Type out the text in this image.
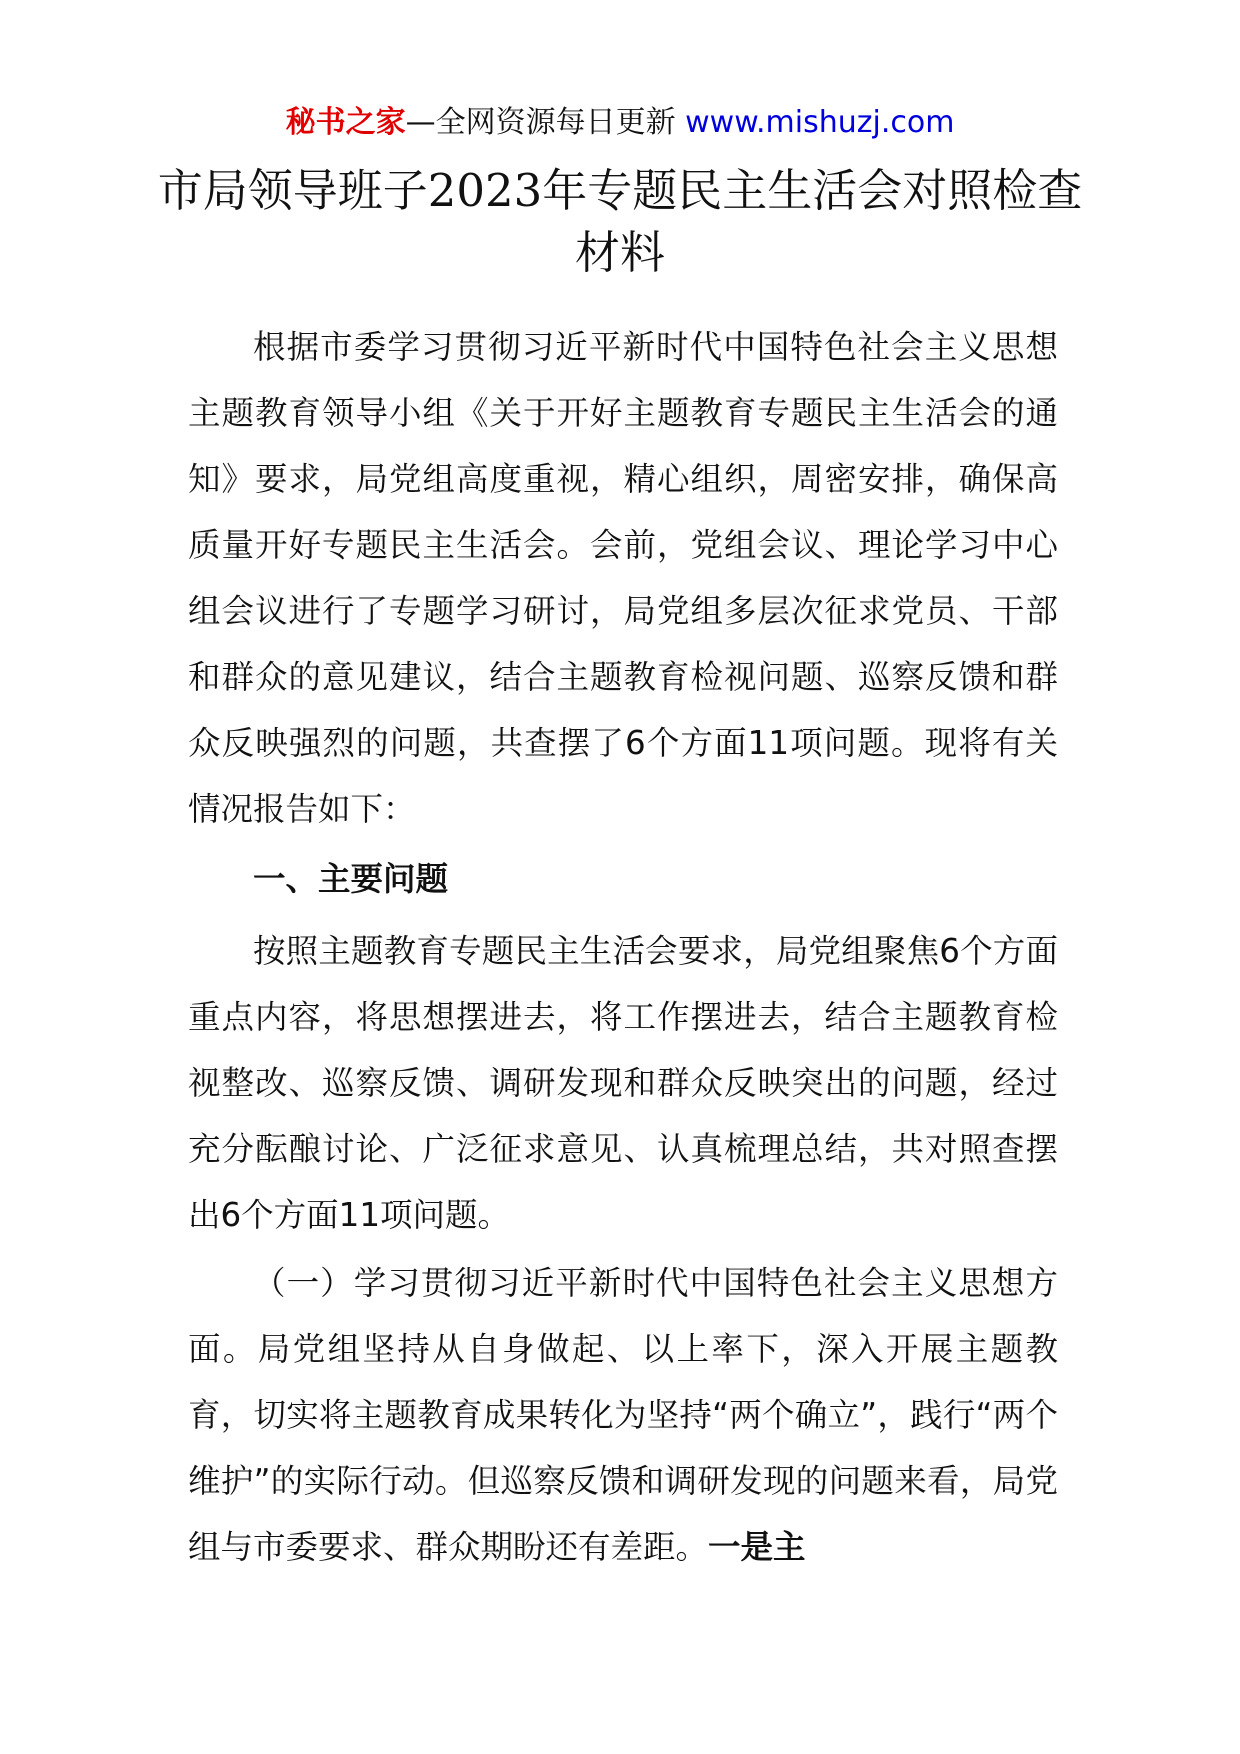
秘书之家—全网资源每日更新 www.mishuzj.com
市局领导班子2023年专题民主生活会对照检查材料

根据市委学习贯彻习近平新时代中国特色社会主义思想主题教育领导小组《关于开好主题教育专题民主生活会的通知》要求，局党组高度重视，精心组织，周密安排，确保高质量开好专题民主生活会。会前，党组会议、理论学习中心组会议进行了专题学习研讨，局党组多层次征求党员、干部和群众的意见建议，结合主题教育检视问题、巡察反馈和群众反映强烈的问题，共查摆了6个方面11项问题。现将有关情况报告如下：

一、主要问题

按照主题教育专题民主生活会要求，局党组聚焦6个方面重点内容，将思想摆进去，将工作摆进去，结合主题教育检视整改、巡察反馈、调研发现和群众反映突出的问题，经过充分酝酿讨论、广泛征求意见、认真梳理总结，共对照查摆出6个方面11项问题。

（一）学习贯彻习近平新时代中国特色社会主义思想方面。局党组坚持从自身做起、以上率下，深入开展主题教育，切实将主题教育成果转化为坚持“两个确立”，践行“两个维护”的实际行动。但巡察反馈和调研发现的问题来看，局党组与市委要求、群众期盼还有差距。一是主
